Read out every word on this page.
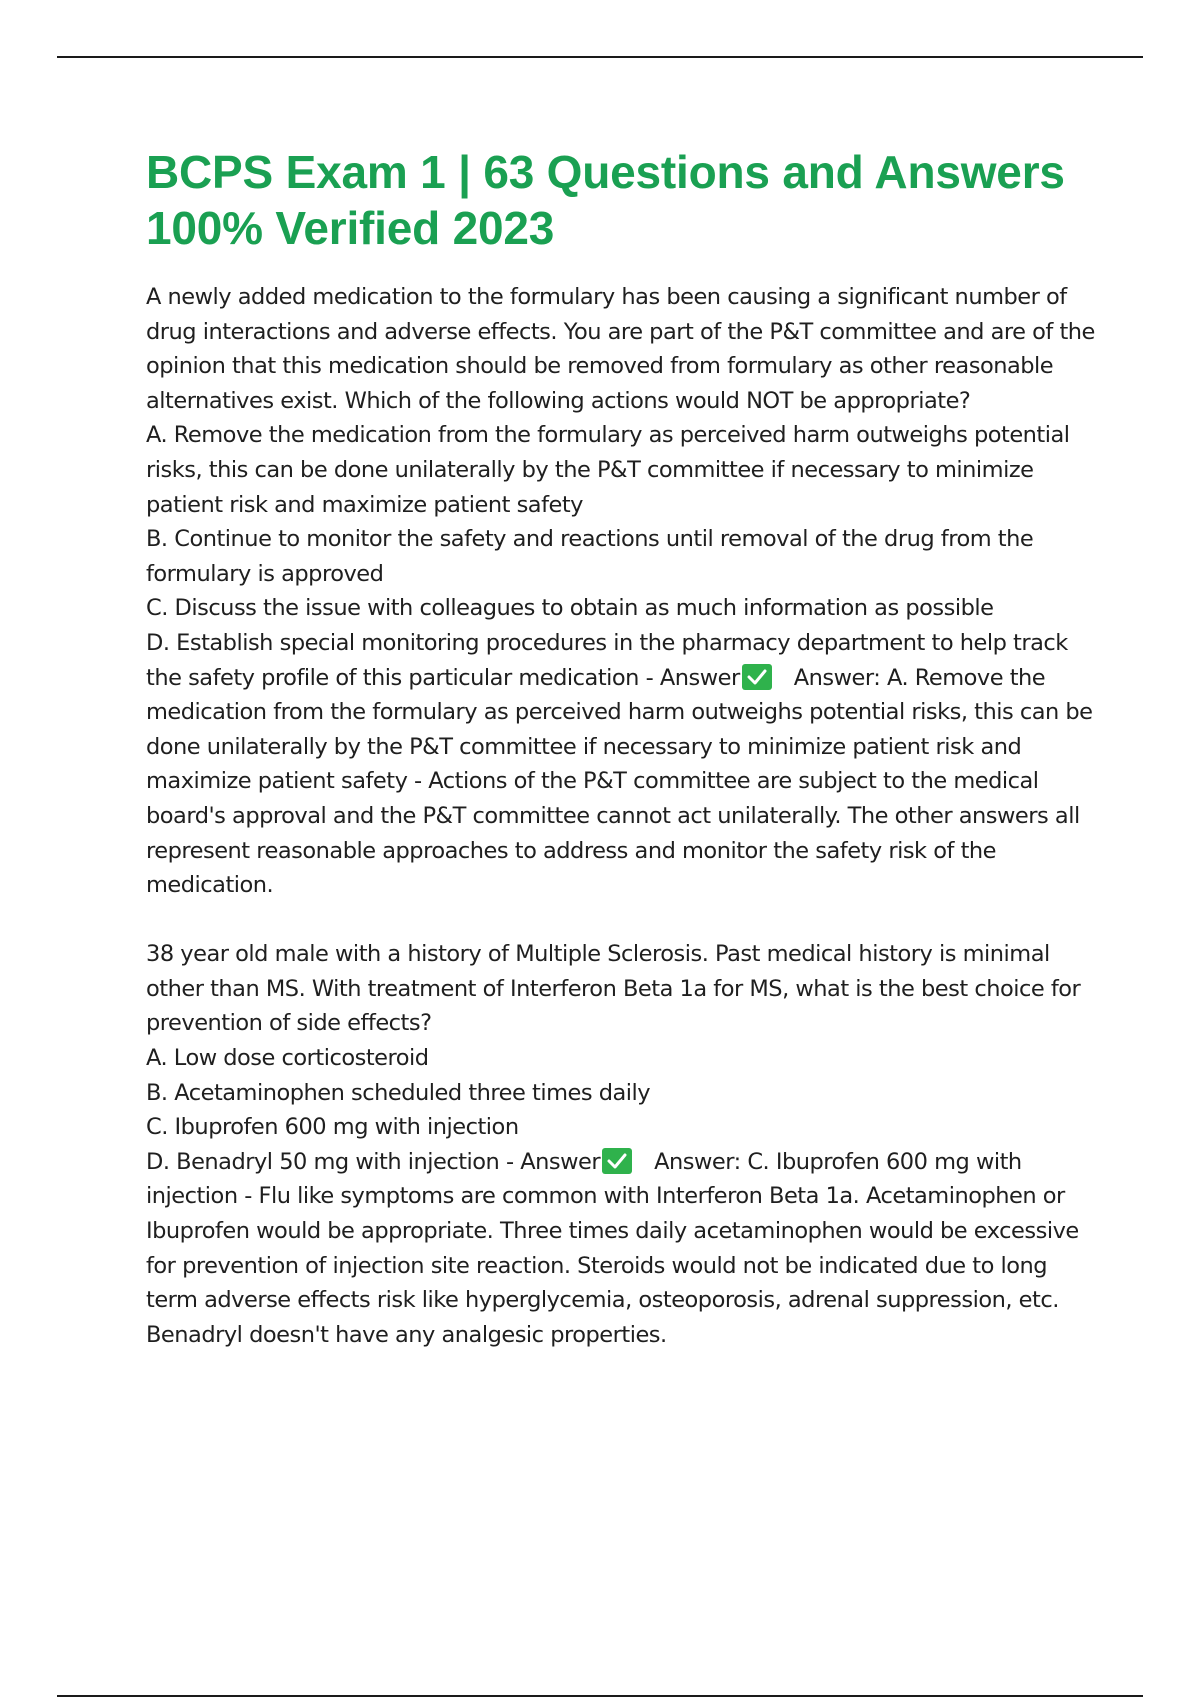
BCPS Exam 1 | 63 Questions and Answers 100% Verified 2023

A newly added medication to the formulary has been causing a significant number of drug interactions and adverse effects. You are part of the P&T committee and are of the opinion that this medication should be removed from formulary as other reasonable alternatives exist. Which of the following actions would NOT be appropriate?

A. Remove the medication from the formulary as perceived harm outweighs potential risks, this can be done unilaterally by the P&T committee if necessary to minimize patient risk and maximize patient safety

B. Continue to monitor the safety and reactions until removal of the drug from the formulary is approved

C. Discuss the issue with colleagues to obtain as much information as possible

D. Establish special monitoring procedures in the pharmacy department to help track the safety profile of this particular medication - Answer Answer: A. Remove the medication from the formulary as perceived harm outweighs potential risks, this can be done unilaterally by the P&T committee if necessary to minimize patient risk and maximize patient safety - Actions of the P&T committee are subject to the medical board's approval and the P&T committee cannot act unilaterally. The other answers all represent reasonable approaches to address and monitor the safety risk of the medication.

38 year old male with a history of Multiple Sclerosis. Past medical history is minimal other than MS. With treatment of Interferon Beta 1a for MS, what is the best choice for prevention of side effects?

A. Low dose corticosteroid

B. Acetaminophen scheduled three times daily

C. Ibuprofen 600 mg with injection

D. Benadryl 50 mg with injection - Answer Answer: C. Ibuprofen 600 mg with injection - Flu like symptoms are common with Interferon Beta 1a. Acetaminophen or Ibuprofen would be appropriate. Three times daily acetaminophen would be excessive for prevention of injection site reaction. Steroids would not be indicated due to long term adverse effects risk like hyperglycemia, osteoporosis, adrenal suppression, etc. Benadryl doesn't have any analgesic properties.
